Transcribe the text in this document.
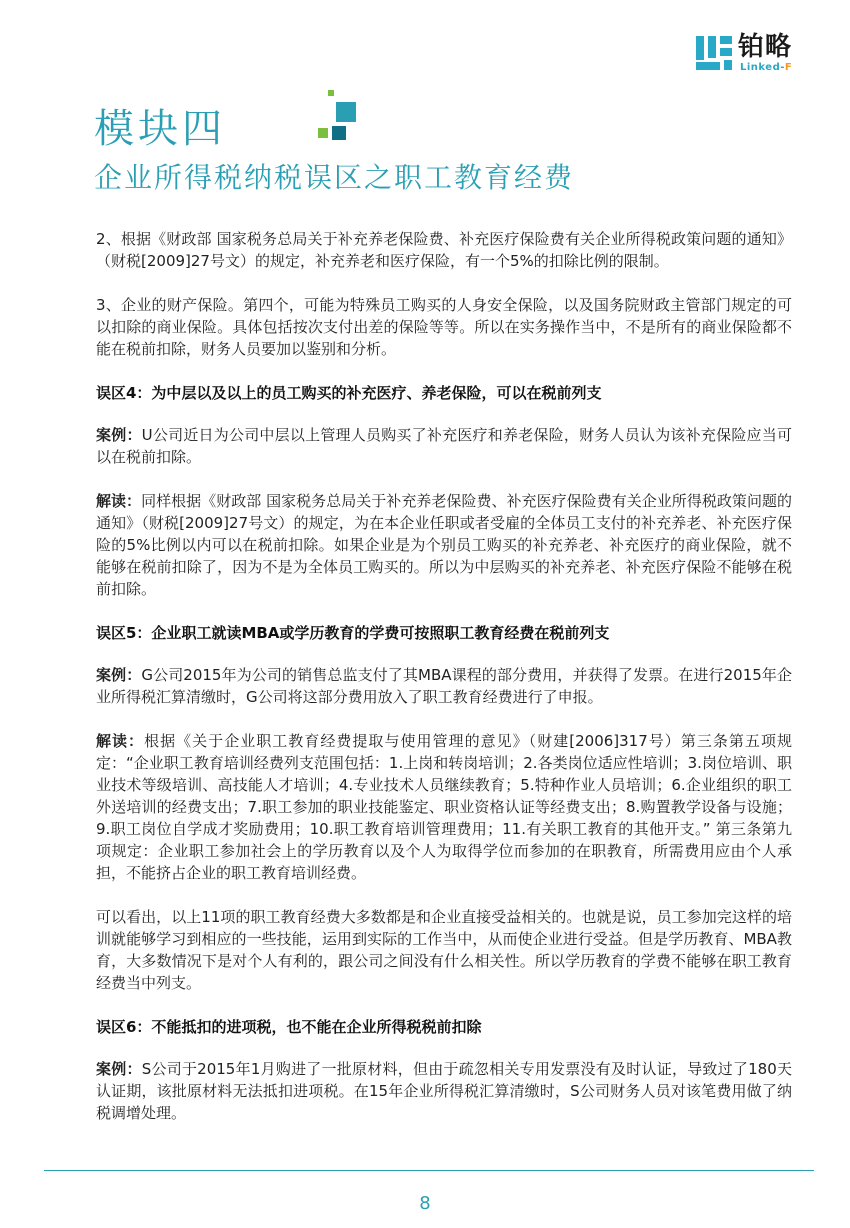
铂略
Linked-F
模块四
企业所得税纳税误区之职工教育经费

2、根据《财政部 国家税务总局关于补充养老保险费、补充医疗保险费有关企业所得税政策问题的通知》（财税[2009]27号文）的规定，补充养老和医疗保险，有一个5%的扣除比例的限制。

3、企业的财产保险。第四个，可能为特殊员工购买的人身安全保险，以及国务院财政主管部门规定的可以扣除的商业保险。具体包括按次支付出差的保险等等。所以在实务操作当中，不是所有的商业保险都不能在税前扣除，财务人员要加以鉴别和分析。

误区4：为中层以及以上的员工购买的补充医疗、养老保险，可以在税前列支

案例：U公司近日为公司中层以上管理人员购买了补充医疗和养老保险，财务人员认为该补充保险应当可以在税前扣除。

解读：同样根据《财政部 国家税务总局关于补充养老保险费、补充医疗保险费有关企业所得税政策问题的通知》（财税[2009]27号文）的规定，为在本企业任职或者受雇的全体员工支付的补充养老、补充医疗保险的5%比例以内可以在税前扣除。如果企业是为个别员工购买的补充养老、补充医疗的商业保险，就不能够在税前扣除了，因为不是为全体员工购买的。所以为中层购买的补充养老、补充医疗保险不能够在税前扣除。

误区5：企业职工就读MBA或学历教育的学费可按照职工教育经费在税前列支

案例：G公司2015年为公司的销售总监支付了其MBA课程的部分费用，并获得了发票。在进行2015年企业所得税汇算清缴时，G公司将这部分费用放入了职工教育经费进行了申报。

解读：根据《关于企业职工教育经费提取与使用管理的意见》（财建[2006]317号）第三条第五项规定：“企业职工教育培训经费列支范围包括：1.上岗和转岗培训；2.各类岗位适应性培训；3.岗位培训、职业技术等级培训、高技能人才培训；4.专业技术人员继续教育；5.特种作业人员培训；6.企业组织的职工外送培训的经费支出；7.职工参加的职业技能鉴定、职业资格认证等经费支出；8.购置教学设备与设施；9.职工岗位自学成才奖励费用；10.职工教育培训管理费用；11.有关职工教育的其他开支。” 第三条第九项规定：企业职工参加社会上的学历教育以及个人为取得学位而参加的在职教育，所需费用应由个人承担，不能挤占企业的职工教育培训经费。

可以看出，以上11项的职工教育经费大多数都是和企业直接受益相关的。也就是说，员工参加完这样的培训就能够学习到相应的一些技能，运用到实际的工作当中，从而使企业进行受益。但是学历教育、MBA教育，大多数情况下是对个人有利的，跟公司之间没有什么相关性。所以学历教育的学费不能够在职工教育经费当中列支。

误区6：不能抵扣的进项税，也不能在企业所得税税前扣除

案例：S公司于2015年1月购进了一批原材料，但由于疏忽相关专用发票没有及时认证，导致过了180天认证期，该批原材料无法抵扣进项税。在15年企业所得税汇算清缴时，S公司财务人员对该笔费用做了纳税调增处理。

8
